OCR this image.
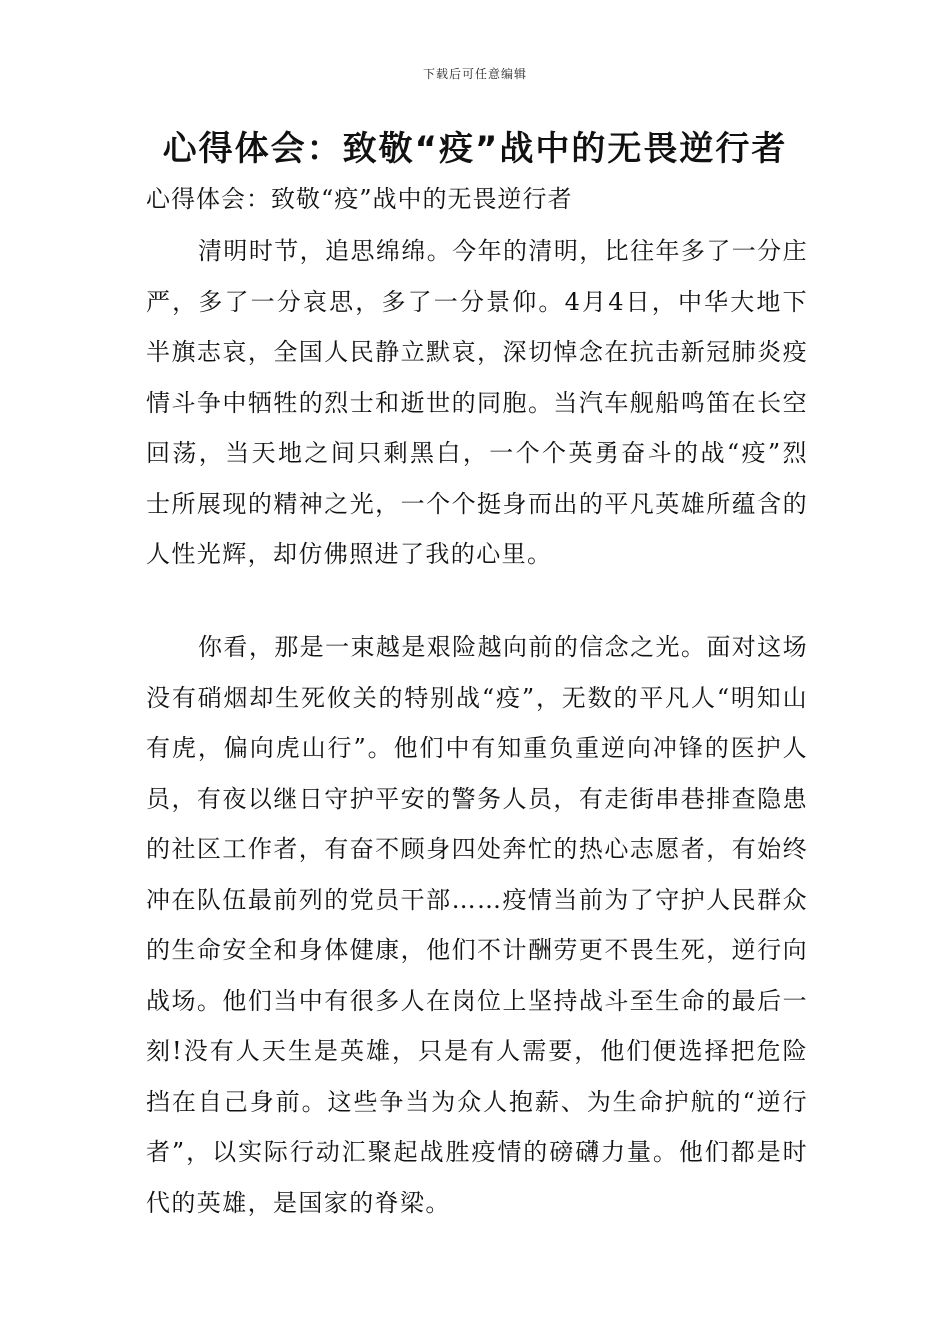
下载后可任意编辑
心得体会：致敬“疫”战中的无畏逆行者

心得体会：致敬“疫”战中的无畏逆行者

清明时节，追思绵绵。今年的清明，比往年多了一分庄严，多了一分哀思，多了一分景仰。4月4日，中华大地下半旗志哀，全国人民静立默哀，深切悼念在抗击新冠肺炎疫情斗争中牺牲的烈士和逝世的同胞。当汽车舰船鸣笛在长空回荡，当天地之间只剩黑白，一个个英勇奋斗的战“疫”烈士所展现的精神之光，一个个挺身而出的平凡英雄所蕴含的人性光辉，却仿佛照进了我的心里。

你看，那是一束越是艰险越向前的信念之光。面对这场没有硝烟却生死攸关的特别战“疫”，无数的平凡人“明知山有虎，偏向虎山行”。他们中有知重负重逆向冲锋的医护人员，有夜以继日守护平安的警务人员，有走街串巷排查隐患的社区工作者，有奋不顾身四处奔忙的热心志愿者，有始终冲在队伍最前列的党员干部……疫情当前为了守护人民群众的生命安全和身体健康，他们不计酬劳更不畏生死，逆行向战场。他们当中有很多人在岗位上坚持战斗至生命的最后一刻!没有人天生是英雄，只是有人需要，他们便选择把危险挡在自己身前。这些争当为众人抱薪、为生命护航的“逆行者”，以实际行动汇聚起战胜疫情的磅礴力量。他们都是时代的英雄，是国家的脊梁。
